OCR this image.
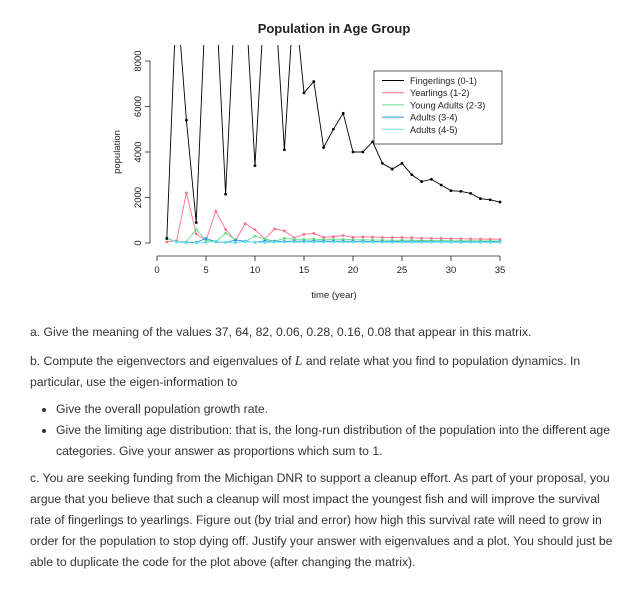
Population in Age Group
0	5	10	15	20	25	30	35
0
2000
4000
6000
8000
time (year)
population
Fingerlings (0-1)
Yearlings (1-2)
Young Adults (2-3)
Adults (3-4)
Adults (4-5)

a. Give the meaning of the values 37, 64, 82, 0.06, 0.28, 0.16, 0.08 that appear in this matrix.

b. Compute the eigenvectors and eigenvalues of L and relate what you find to population dynamics. In particular, use the eigen-information to

• Give the overall population growth rate.
• Give the limiting age distribution: that is, the long-run distribution of the population into the different age categories. Give your answer as proportions which sum to 1.

c. You are seeking funding from the Michigan DNR to support a cleanup effort. As part of your proposal, you argue that you believe that such a cleanup will most impact the youngest fish and will improve the survival rate of fingerlings to yearlings. Figure out (by trial and error) how high this survival rate will need to grow in order for the population to stop dying off. Justify your answer with eigenvalues and a plot. You should just be able to duplicate the code for the plot above (after changing the matrix).
